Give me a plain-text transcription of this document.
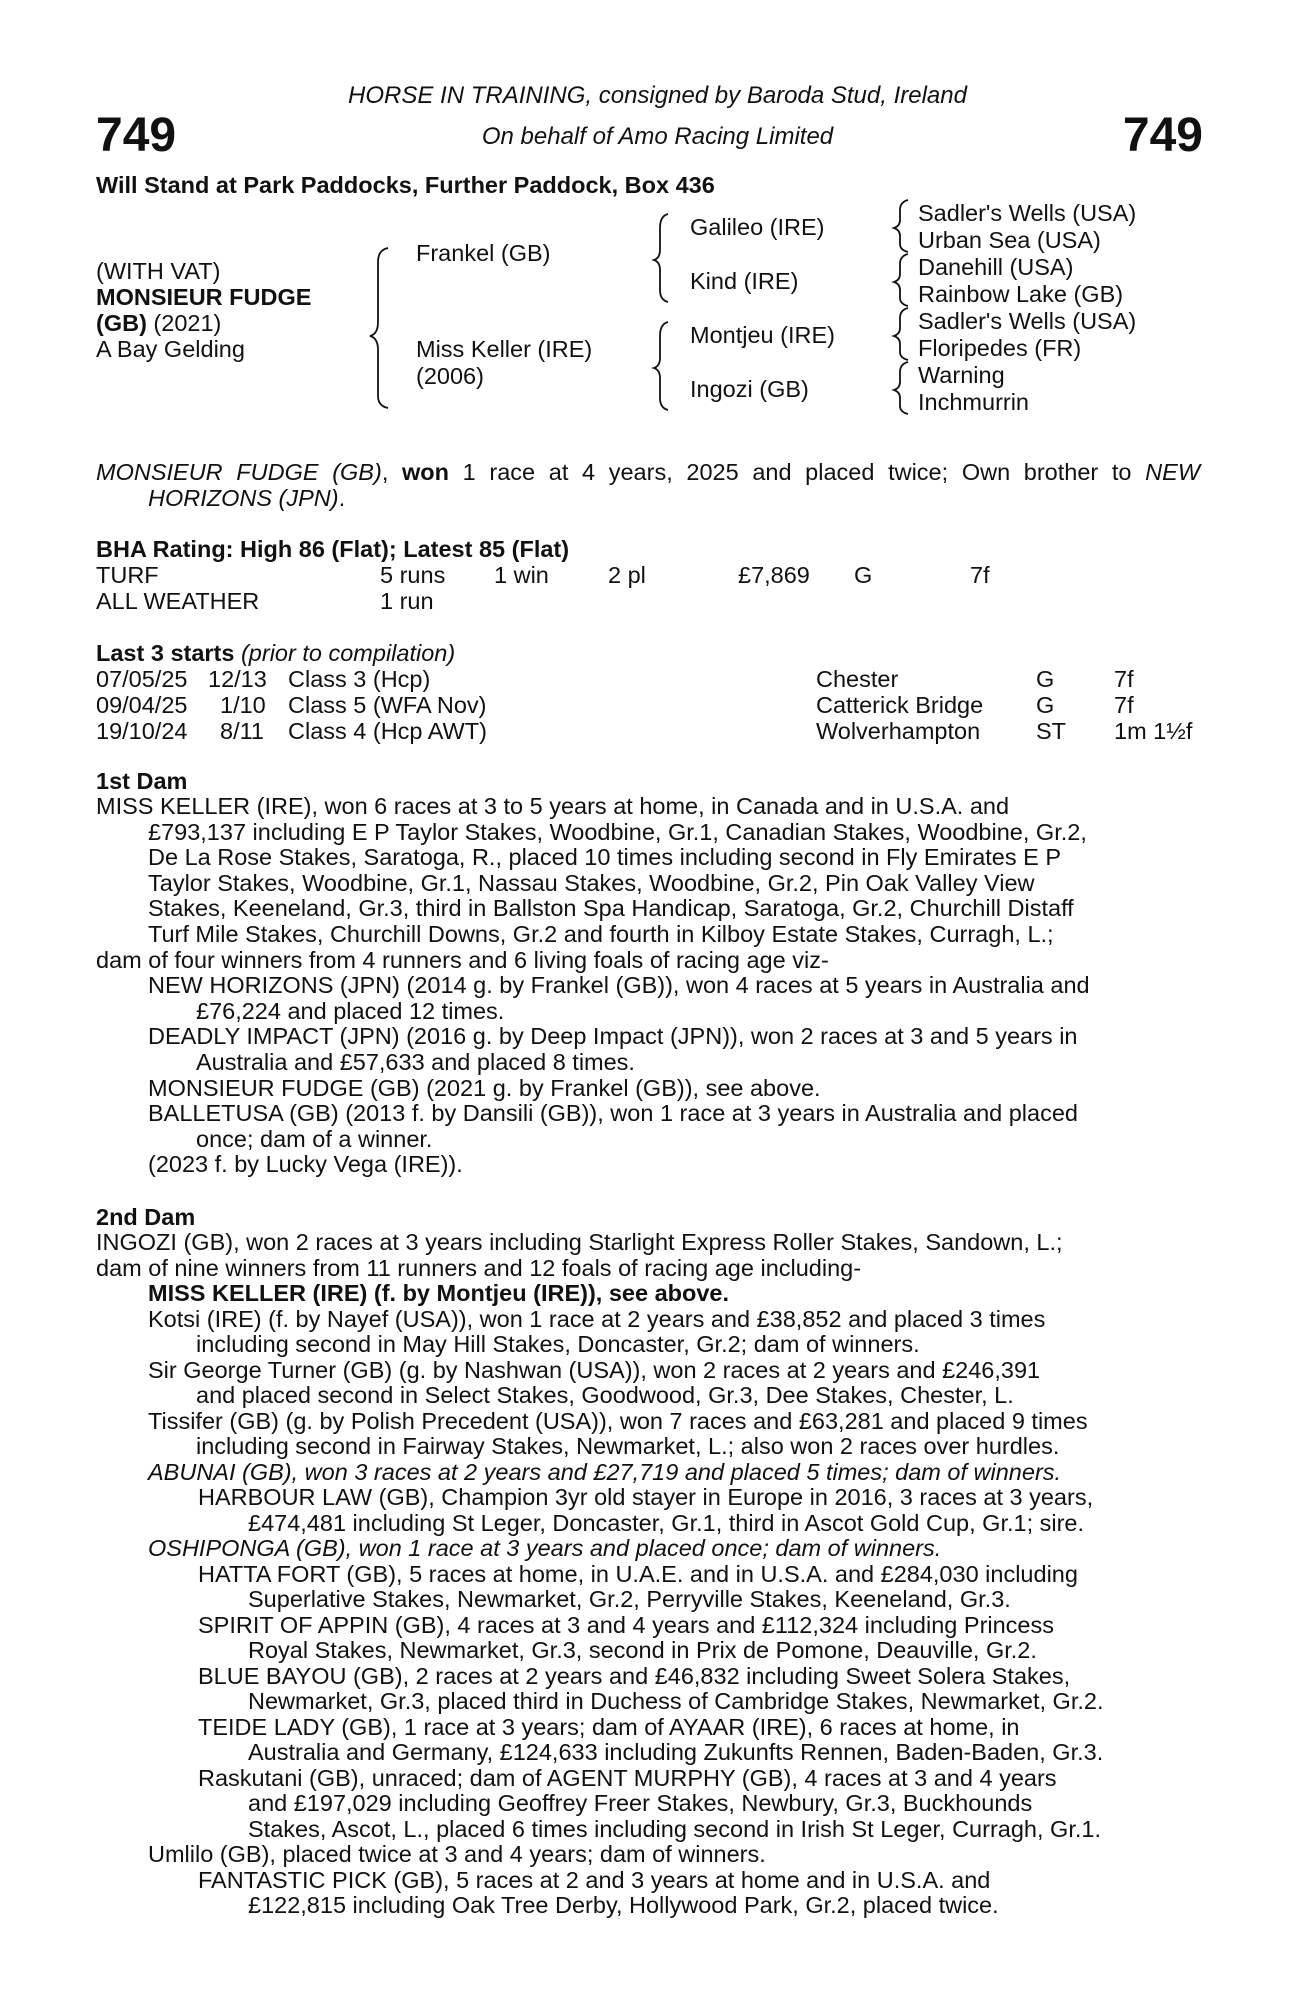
749	749
HORSE IN TRAINING, consigned by Baroda Stud, Ireland
On behalf of Amo Racing Limited
Will Stand at Park Paddocks, Further Paddock, Box 436
(WITH VAT)
MONSIEUR FUDGE
(GB) (2021)
A Bay Gelding
Frankel (GB)
Miss Keller (IRE)
(2006)
Galileo (IRE)
Kind (IRE)
Montjeu (IRE)
Ingozi (GB)
Sadler's Wells (USA)
Urban Sea (USA)
Danehill (USA)
Rainbow Lake (GB)
Sadler's Wells (USA)
Floripedes (FR)
Warning
Inchmurrin
MONSIEUR FUDGE (GB), won 1 race at 4 years, 2025 and placed twice; Own brother to NEW HORIZONS (JPN).
BHA Rating: High 86 (Flat); Latest 85 (Flat)
TURF	5 runs 1 win	2 pl	£7,869 G	7f
ALL WEATHER	1 run
Last 3 starts (prior to compilation)
07/05/25 12/13 Class 3 (Hcp)	Chester	G	7f
09/04/25 1/10 Class 5 (WFA Nov)	Catterick Bridge G	7f
19/10/24 8/11 Class 4 (Hcp AWT)	Wolverhampton ST 1m 1½f
1st Dam
MISS KELLER (IRE), won 6 races at 3 to 5 years at home, in Canada and in U.S.A. and
£793,137 including E P Taylor Stakes, Woodbine, Gr.1, Canadian Stakes, Woodbine, Gr.2,
De La Rose Stakes, Saratoga, R., placed 10 times including second in Fly Emirates E P
Taylor Stakes, Woodbine, Gr.1, Nassau Stakes, Woodbine, Gr.2, Pin Oak Valley View
Stakes, Keeneland, Gr.3, third in Ballston Spa Handicap, Saratoga, Gr.2, Churchill Distaff
Turf Mile Stakes, Churchill Downs, Gr.2 and fourth in Kilboy Estate Stakes, Curragh, L.;
dam of four winners from 4 runners and 6 living foals of racing age viz-
NEW HORIZONS (JPN) (2014 g. by Frankel (GB)), won 4 races at 5 years in Australia and
£76,224 and placed 12 times.
DEADLY IMPACT (JPN) (2016 g. by Deep Impact (JPN)), won 2 races at 3 and 5 years in
Australia and £57,633 and placed 8 times.
MONSIEUR FUDGE (GB) (2021 g. by Frankel (GB)), see above.
BALLETUSA (GB) (2013 f. by Dansili (GB)), won 1 race at 3 years in Australia and placed
once; dam of a winner.
(2023 f. by Lucky Vega (IRE)).
2nd Dam
INGOZI (GB), won 2 races at 3 years including Starlight Express Roller Stakes, Sandown, L.;
dam of nine winners from 11 runners and 12 foals of racing age including-
MISS KELLER (IRE) (f. by Montjeu (IRE)), see above.
Kotsi (IRE) (f. by Nayef (USA)), won 1 race at 2 years and £38,852 and placed 3 times
including second in May Hill Stakes, Doncaster, Gr.2; dam of winners.
Sir George Turner (GB) (g. by Nashwan (USA)), won 2 races at 2 years and £246,391
and placed second in Select Stakes, Goodwood, Gr.3, Dee Stakes, Chester, L.
Tissifer (GB) (g. by Polish Precedent (USA)), won 7 races and £63,281 and placed 9 times
including second in Fairway Stakes, Newmarket, L.; also won 2 races over hurdles.
ABUNAI (GB), won 3 races at 2 years and £27,719 and placed 5 times; dam of winners.
HARBOUR LAW (GB), Champion 3yr old stayer in Europe in 2016, 3 races at 3 years,
£474,481 including St Leger, Doncaster, Gr.1, third in Ascot Gold Cup, Gr.1; sire.
OSHIPONGA (GB), won 1 race at 3 years and placed once; dam of winners.
HATTA FORT (GB), 5 races at home, in U.A.E. and in U.S.A. and £284,030 including
Superlative Stakes, Newmarket, Gr.2, Perryville Stakes, Keeneland, Gr.3.
SPIRIT OF APPIN (GB), 4 races at 3 and 4 years and £112,324 including Princess
Royal Stakes, Newmarket, Gr.3, second in Prix de Pomone, Deauville, Gr.2.
BLUE BAYOU (GB), 2 races at 2 years and £46,832 including Sweet Solera Stakes,
Newmarket, Gr.3, placed third in Duchess of Cambridge Stakes, Newmarket, Gr.2.
TEIDE LADY (GB), 1 race at 3 years; dam of AYAAR (IRE), 6 races at home, in
Australia and Germany, £124,633 including Zukunfts Rennen, Baden-Baden, Gr.3.
Raskutani (GB), unraced; dam of AGENT MURPHY (GB), 4 races at 3 and 4 years
and £197,029 including Geoffrey Freer Stakes, Newbury, Gr.3, Buckhounds
Stakes, Ascot, L., placed 6 times including second in Irish St Leger, Curragh, Gr.1.
Umlilo (GB), placed twice at 3 and 4 years; dam of winners.
FANTASTIC PICK (GB), 5 races at 2 and 3 years at home and in U.S.A. and
£122,815 including Oak Tree Derby, Hollywood Park, Gr.2, placed twice.
